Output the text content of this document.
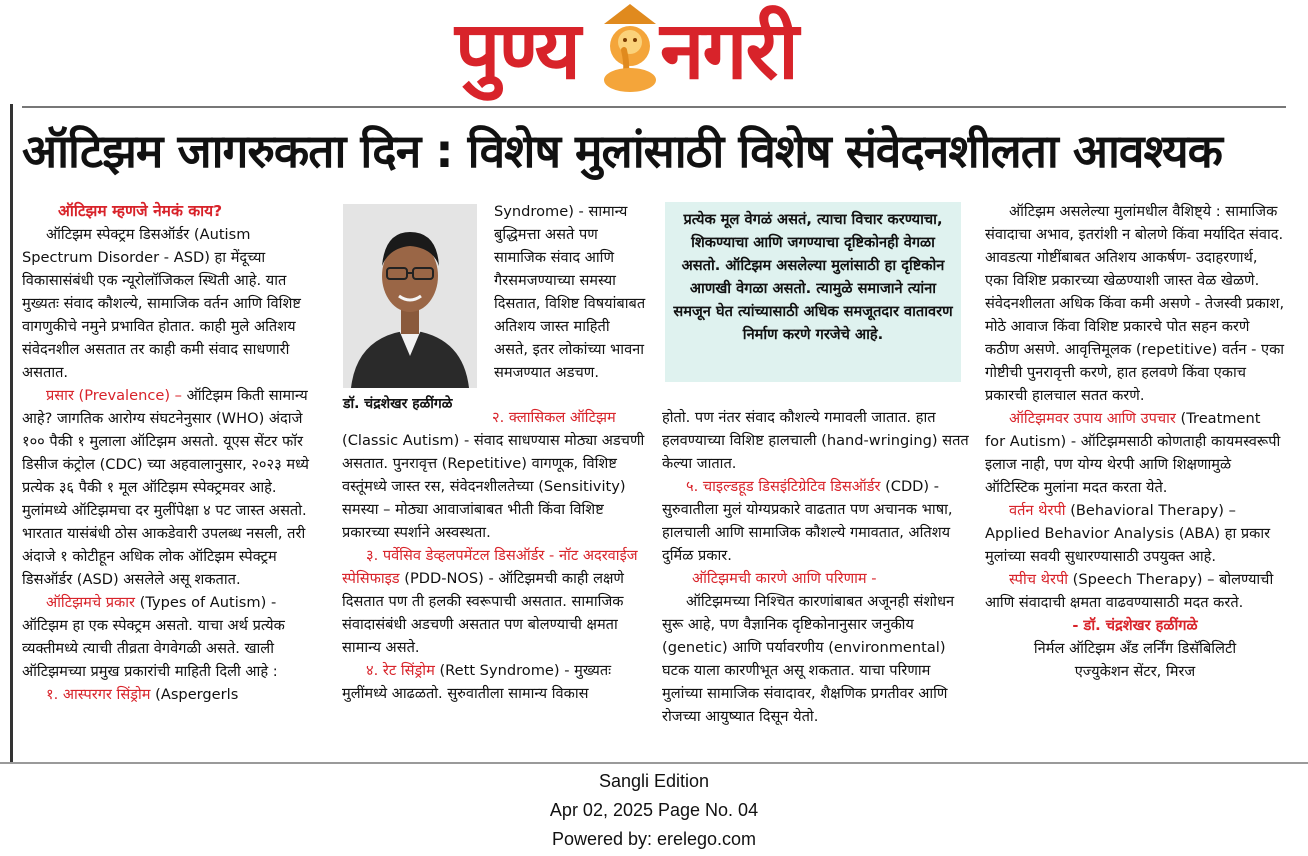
पुण्य नगरी
ऑटिझम जागरुकता दिन : विशेष मुलांसाठी विशेष संवेदनशीलता आवश्यक

ऑटिझम म्हणजे नेमकं काय?

ऑटिझम स्पेक्ट्रम डिसऑर्डर (Autism Spectrum Disorder - ASD) हा मेंदूच्या विकासासंबंधी एक न्यूरोलॉजिकल स्थिती आहे. यात मुख्यतः संवाद कौशल्ये, सामाजिक वर्तन आणि विशिष्ट वागणुकीचे नमुने प्रभावित होतात. काही मुले अतिशय संवेदनशील असतात तर काही कमी संवाद साधणारी असतात.

प्रसार (Prevalence) – ऑटिझम किती सामान्य आहे? जागतिक आरोग्य संघटनेनुसार (WHO) अंदाजे १०० पैकी १ मुलाला ऑटिझम असतो. यूएस सेंटर फॉर डिसीज कंट्रोल (CDC) च्या अहवालानुसार, २०२३ मध्ये प्रत्येक ३६ पैकी १ मूल ऑटिझम स्पेक्ट्रमवर आहे. मुलांमध्ये ऑटिझमचा दर मुलींपेक्षा ४ पट जास्त असतो. भारतात यासंबंधी ठोस आकडेवारी उपलब्ध नसली, तरी अंदाजे १ कोटीहून अधिक लोक ऑटिझम स्पेक्ट्रम डिसऑर्डर (ASD) असलेले असू शकतात.

ऑटिझमचे प्रकार (Types of Autism) - ऑटिझम हा एक स्पेक्ट्रम असतो. याचा अर्थ प्रत्येक व्यक्तीमध्ये त्याची तीव्रता वेगवेगळी असते. खाली ऑटिझमच्या प्रमुख प्रकारांची माहिती दिली आहे :

१. आस्परगर सिंड्रोम (Aspergerls

डॉ. चंद्रशेखर हळींगळे

Syndrome) - सामान्य बुद्धिमत्ता असते पण सामाजिक संवाद आणि गैरसमजण्याच्या समस्या दिसतात, विशिष्ट विषयांबाबत अतिशय जास्त माहिती असते, इतर लोकांच्या भावना समजण्यात अडचण.

२. क्लासिकल ऑटिझम (Classic Autism) - संवाद साधण्यास मोठ्या अडचणी असतात. पुनरावृत्त (Repetitive) वागणूक, विशिष्ट वस्तूंमध्ये जास्त रस, संवेदनशीलतेच्या (Sensitivity) समस्या – मोठ्या आवाजांबाबत भीती किंवा विशिष्ट प्रकारच्या स्पर्शाने अस्वस्थता.

३. पर्वेसिव डेव्हलपमेंटल डिसऑर्डर - नॉट अदरवाईज स्पेसिफाइड (PDD-NOS) - ऑटिझमची काही लक्षणे दिसतात पण ती हलकी स्वरूपाची असतात. सामाजिक संवादासंबंधी अडचणी असतात पण बोलण्याची क्षमता सामान्य असते.

४. रेट सिंड्रोम (Rett Syndrome) - मुख्यतः मुलींमध्ये आढळतो. सुरुवातीला सामान्य विकास

प्रत्येक मूल वेगळं असतं, त्याचा विचार करण्याचा, शिकण्याचा आणि जगण्याचा दृष्टिकोनही वेगळा असतो. ऑटिझम असलेल्या मुलांसाठी हा दृष्टिकोन आणखी वेगळा असतो. त्यामुळे समाजाने त्यांना समजून घेत त्यांच्यासाठी अधिक समजूतदार वातावरण निर्माण करणे गरजेचे आहे.

होतो. पण नंतर संवाद कौशल्ये गमावली जातात. हात हलवण्याच्या विशिष्ट हालचाली (hand-wringing) सतत केल्या जातात.

५. चाइल्डहूड डिसइंटिग्रेटिव डिसऑर्डर (CDD) - सुरुवातीला मुलं योग्यप्रकारे वाढतात पण अचानक भाषा, हालचाली आणि सामाजिक कौशल्ये गमावतात, अतिशय दुर्मिळ प्रकार.

ऑटिझमची कारणे आणि परिणाम -

ऑटिझमच्या निश्चित कारणांबाबत अजूनही संशोधन सुरू आहे, पण वैज्ञानिक दृष्टिकोनानुसार जनुकीय (genetic) आणि पर्यावरणीय (environmental) घटक याला कारणीभूत असू शकतात. याचा परिणाम मुलांच्या सामाजिक संवादावर, शैक्षणिक प्रगतीवर आणि रोजच्या आयुष्यात दिसून येतो.

ऑटिझम असलेल्या मुलांमधील वैशिष्ट्ये : सामाजिक संवादाचा अभाव, इतरांशी न बोलणे किंवा मर्यादित संवाद. आवडत्या गोष्टींबाबत अतिशय आकर्षण- उदाहरणार्थ, एका विशिष्ट प्रकारच्या खेळण्याशी जास्त वेळ खेळणे. संवेदनशीलता अधिक किंवा कमी असणे - तेजस्वी प्रकाश, मोठे आवाज किंवा विशिष्ट प्रकारचे पोत सहन करणे कठीण असणे. आवृत्तिमूलक (repetitive) वर्तन - एका गोष्टीची पुनरावृत्ती करणे, हात हलवणे किंवा एकाच प्रकारची हालचाल सतत करणे.

ऑटिझमवर उपाय आणि उपचार (Treatment for Autism) - ऑटिझमसाठी कोणताही कायमस्वरूपी इलाज नाही, पण योग्य थेरपी आणि शिक्षणामुळे ऑटिस्टिक मुलांना मदत करता येते.

वर्तन थेरपी (Behavioral Therapy) – Applied Behavior Analysis (ABA) हा प्रकार मुलांच्या सवयी सुधारण्यासाठी उपयुक्त आहे.

स्पीच थेरपी (Speech Therapy) – बोलण्याची आणि संवादाची क्षमता वाढवण्यासाठी मदत करते.

- डॉ. चंद्रशेखर हळींगळे

निर्मल ऑटिझम अँड लर्निंग डिसॅबिलिटी

एज्युकेशन सेंटर, मिरज

Sangli Edition
Apr 02, 2025 Page No. 04
Powered by: erelego.com
